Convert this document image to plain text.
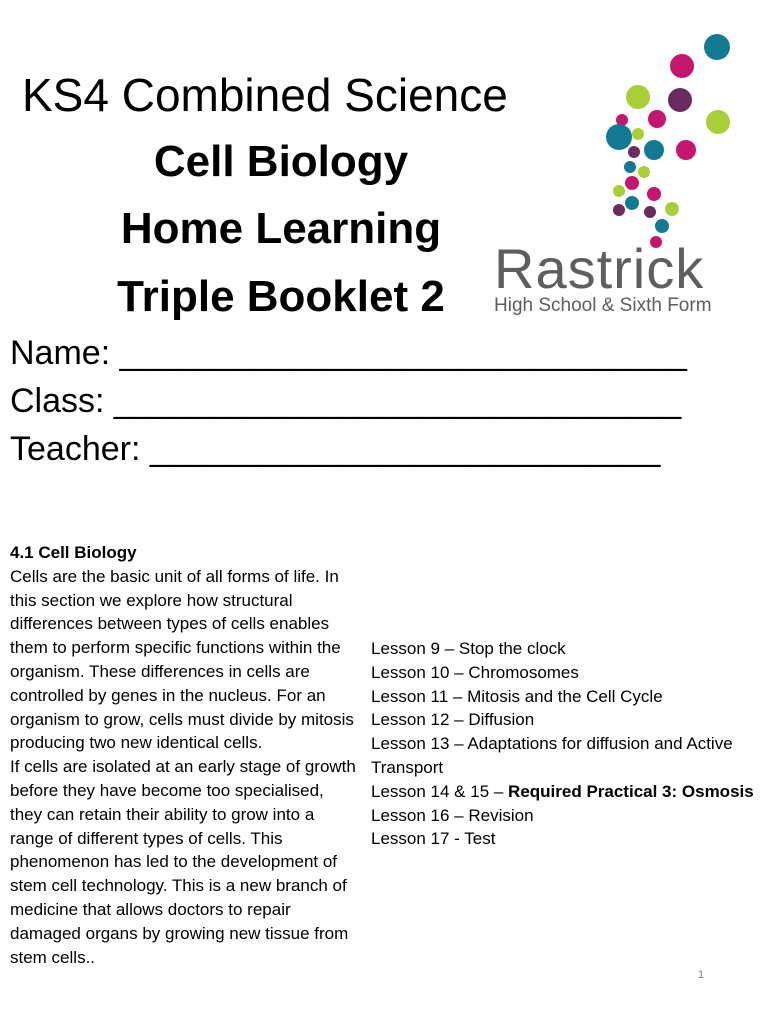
KS4 Combined Science
Cell Biology
Home Learning
Triple Booklet 2 Rastrick
High School & Sixth Form
Name: ______________________________
Class: ______________________________
Teacher: ___________________________
4.1 Cell Biology
Cells are the basic unit of all forms of life. In this section we explore how structural differences between types of cells enables them to perform specific functions within the organism. These differences in cells are controlled by genes in the nucleus. For an organism to grow, cells must divide by mitosis producing two new identical cells.
If cells are isolated at an early stage of growth before they have become too specialised, they can retain their ability to grow into a range of different types of cells. This phenomenon has led to the development of stem cell technology. This is a new branch of medicine that allows doctors to repair damaged organs by growing new tissue from stem cells..
Lesson 9 – Stop the clock
Lesson 10 – Chromosomes
Lesson 11 – Mitosis and the Cell Cycle
Lesson 12 – Diffusion
Lesson 13 – Adaptations for diffusion and Active Transport
Lesson 14 & 15 – Required Practical 3: Osmosis
Lesson 16 – Revision
Lesson 17 - Test
1
